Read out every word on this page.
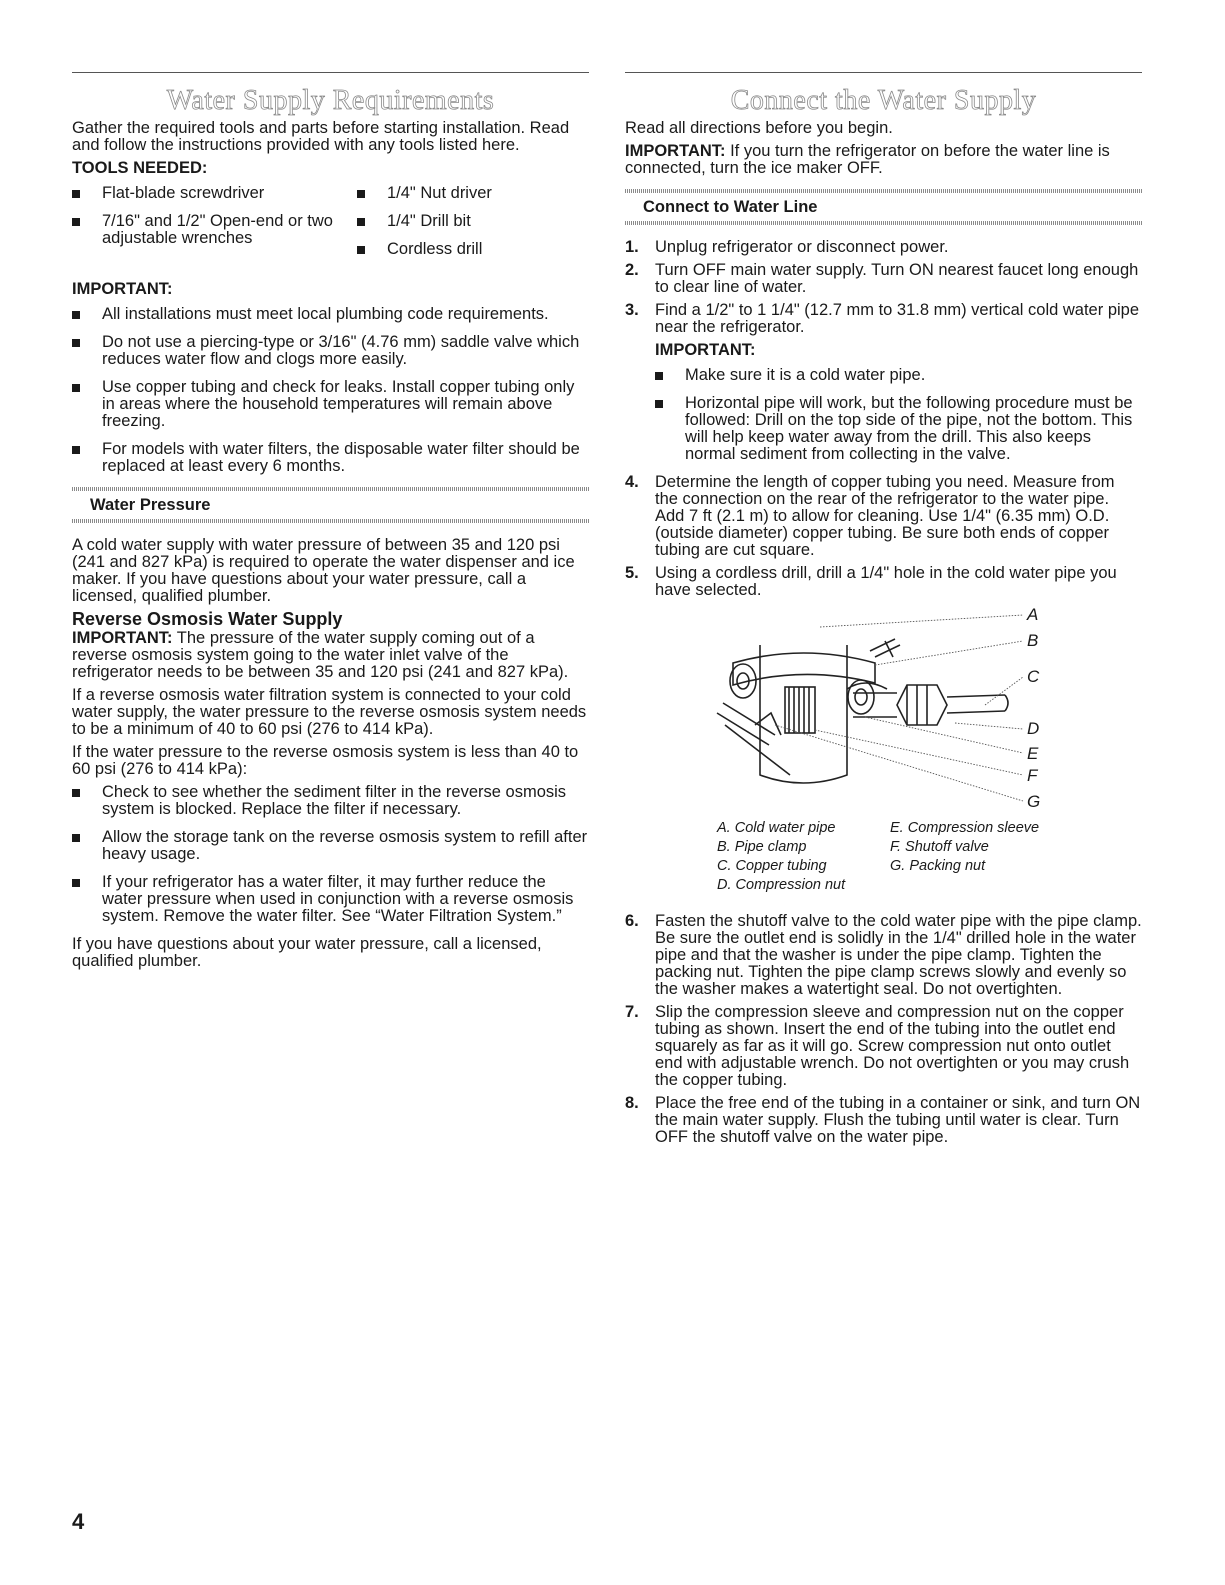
Water Supply Requirements

Gather the required tools and parts before starting installation. Read and follow the instructions provided with any tools listed here.

TOOLS NEEDED:
Flat-blade screwdriver
7/16" and 1/2" Open-end or two adjustable wrenches
1/4" Nut driver
1/4" Drill bit
Cordless drill
IMPORTANT:
All installations must meet local plumbing code requirements.
Do not use a piercing-type or 3/16" (4.76 mm) saddle valve which reduces water flow and clogs more easily.
Use copper tubing and check for leaks. Install copper tubing only in areas where the household temperatures will remain above freezing.
For models with water filters, the disposable water filter should be replaced at least every 6 months.
Water Pressure

A cold water supply with water pressure of between 35 and 120 psi (241 and 827 kPa) is required to operate the water dispenser and ice maker. If you have questions about your water pressure, call a licensed, qualified plumber.

Reverse Osmosis Water Supply

IMPORTANT: The pressure of the water supply coming out of a reverse osmosis system going to the water inlet valve of the refrigerator needs to be between 35 and 120 psi (241 and 827 kPa).

If a reverse osmosis water filtration system is connected to your cold water supply, the water pressure to the reverse osmosis system needs to be a minimum of 40 to 60 psi (276 to 414 kPa).

If the water pressure to the reverse osmosis system is less than 40 to 60 psi (276 to 414 kPa):

Check to see whether the sediment filter in the reverse osmosis system is blocked. Replace the filter if necessary.
Allow the storage tank on the reverse osmosis system to refill after heavy usage.
If your refrigerator has a water filter, it may further reduce the water pressure when used in conjunction with a reverse osmosis system. Remove the water filter. See “Water Filtration System.”

If you have questions about your water pressure, call a licensed, qualified plumber.

Connect the Water Supply

Read all directions before you begin.

IMPORTANT: If you turn the refrigerator on before the water line is connected, turn the ice maker OFF.

Connect to Water Line
1. Unplug refrigerator or disconnect power.
2. Turn OFF main water supply. Turn ON nearest faucet long enough to clear line of water.
3. Find a 1/2" to 1 1/4" (12.7 mm to 31.8 mm) vertical cold water pipe near the refrigerator.
IMPORTANT:
Make sure it is a cold water pipe.
Horizontal pipe will work, but the following procedure must be followed: Drill on the top side of the pipe, not the bottom. This will help keep water away from the drill. This also keeps normal sediment from collecting in the valve.
4. Determine the length of copper tubing you need. Measure from the connection on the rear of the refrigerator to the water pipe. Add 7 ft (2.1 m) to allow for cleaning. Use 1/4" (6.35 mm) O.D. (outside diameter) copper tubing. Be sure both ends of copper tubing are cut square.
5. Using a cordless drill, drill a 1/4" hole in the cold water pipe you have selected.
A
B
C
D
E
F
G
A. Cold water pipe
B. Pipe clamp
C. Copper tubing
D. Compression nut
E. Compression sleeve
F. Shutoff valve
G. Packing nut
6. Fasten the shutoff valve to the cold water pipe with the pipe clamp. Be sure the outlet end is solidly in the 1/4" drilled hole in the water pipe and that the washer is under the pipe clamp. Tighten the packing nut. Tighten the pipe clamp screws slowly and evenly so the washer makes a watertight seal. Do not overtighten.
7. Slip the compression sleeve and compression nut on the copper tubing as shown. Insert the end of the tubing into the outlet end squarely as far as it will go. Screw compression nut onto outlet end with adjustable wrench. Do not overtighten or you may crush the copper tubing.
8. Place the free end of the tubing in a container or sink, and turn ON the main water supply. Flush the tubing until water is clear. Turn OFF the shutoff valve on the water pipe.
4
